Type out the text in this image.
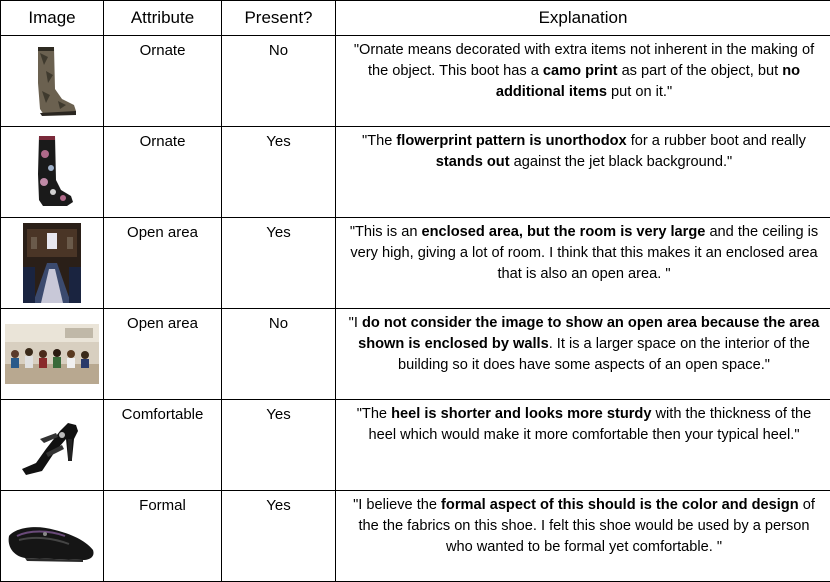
Image	Attribute	Present?	Explanation

	Ornate	No	"Ornate means decorated with extra items not inherent in the making of the object. This boot has a camo print as part of the object, but no additional items put on it."

	Ornate	Yes	"The flowerprint pattern is unorthodox for a rubber boot and really stands out against the jet black background."

	Open area	Yes	"This is an enclosed area, but the room is very large and the ceiling is very high, giving a lot of room. I think that this makes it an enclosed area that is also an open area. "

	Open area	No	"I do not consider the image to show an open area because the area shown is enclosed by walls. It is a larger space on the interior of the building so it does have some aspects of an open space."

	Comfortable	Yes	"The heel is shorter and looks more sturdy with the thickness of the heel which would make it more comfortable then your typical heel."

	Formal	Yes	"I believe the formal aspect of this should is the color and design of the the fabrics on this shoe. I felt this shoe would be used by a person who wanted to be formal yet comfortable. "
